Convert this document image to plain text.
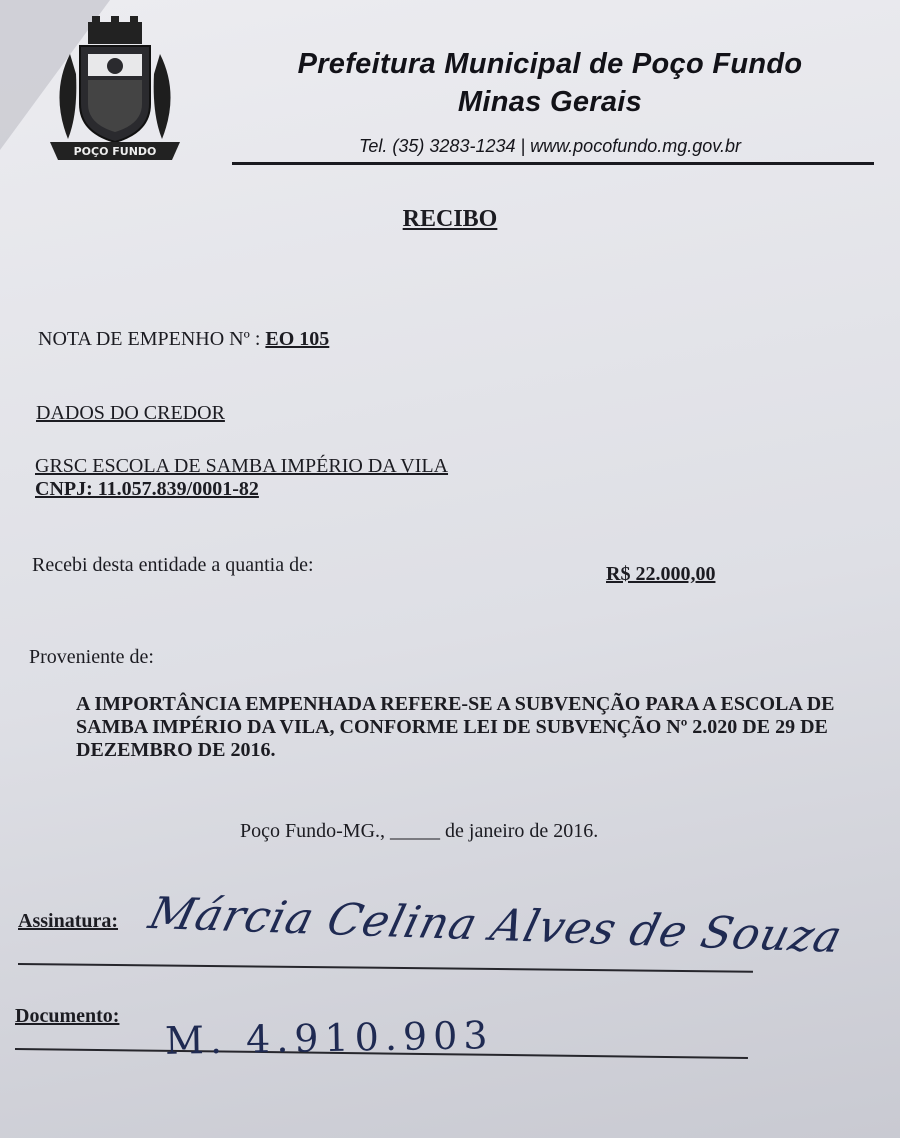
POÇO FUNDO
Prefeitura Municipal de Poço Fundo
Minas Gerais
Tel. (35) 3283-1234 | www.pocofundo.mg.gov.br
RECIBO
NOTA DE EMPENHO Nº : EO 105
DADOS DO CREDOR
GRSC ESCOLA DE SAMBA IMPÉRIO DA VILA
CNPJ: 11.057.839/0001-82
Recebi desta entidade a quantia de:	R$ 22.000,00
Proveniente de:
A IMPORTÂNCIA EMPENHADA REFERE-SE A SUBVENÇÃO PARA A ESCOLA DE SAMBA IMPÉRIO DA VILA, CONFORME LEI DE SUBVENÇÃO Nº 2.020 DE 29 DE DEZEMBRO DE 2016.
Poço Fundo-MG., _____ de janeiro de 2016.
Assinatura: Márcia Celina Alves de Souza
Documento: M. 4.910.903
